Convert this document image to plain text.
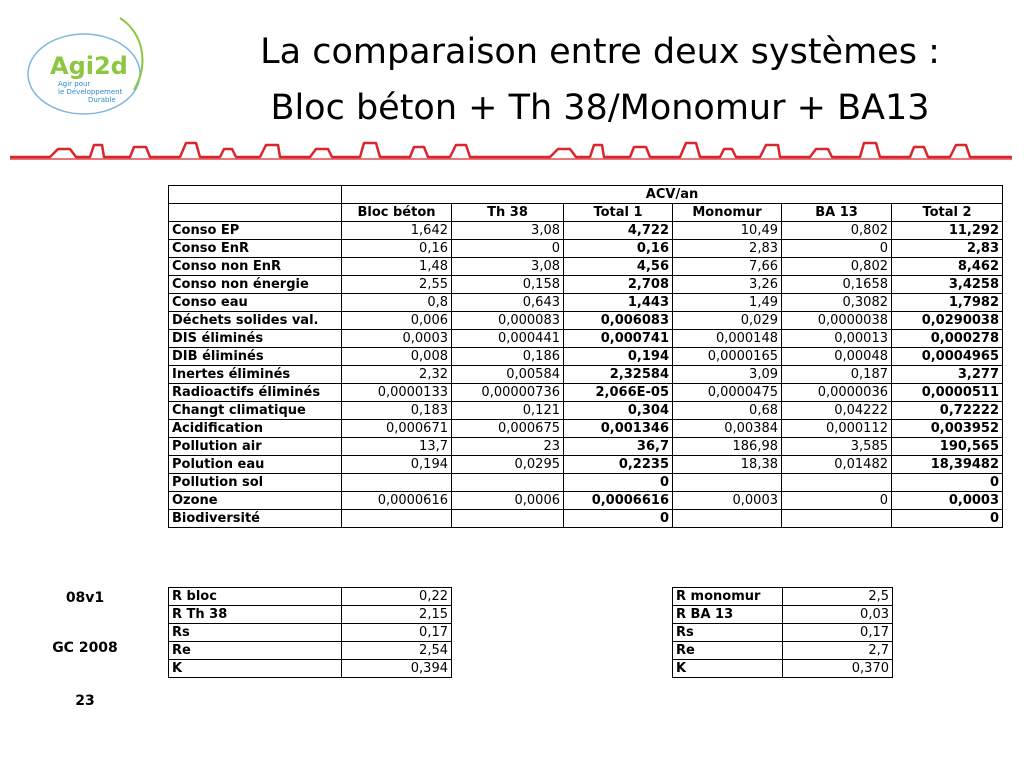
Agi2d
Agir pour
le Développement
Durable
La comparaison entre deux systèmes :
Bloc béton + Th 38/Monomur + BA13
	ACV/an					
	Bloc béton	Th 38	Total 1	Monomur	BA 13	Total 2
Conso EP	1,642	3,08	4,722	10,49	0,802	11,292
Conso EnR	0,16	0	0,16	2,83	0	2,83
Conso non EnR	1,48	3,08	4,56	7,66	0,802	8,462
Conso non énergie	2,55	0,158	2,708	3,26	0,1658	3,4258
Conso eau	0,8	0,643	1,443	1,49	0,3082	1,7982
Déchets solides val.	0,006	0,000083	0,006083	0,029	0,0000038	0,0290038
DIS éliminés	0,0003	0,000441	0,000741	0,000148	0,00013	0,000278
DIB éliminés	0,008	0,186	0,194	0,0000165	0,00048	0,0004965
Inertes éliminés	2,32	0,00584	2,32584	3,09	0,187	3,277
Radioactifs éliminés	0,0000133	0,00000736	2,066E-05	0,0000475	0,0000036	0,0000511
Changt climatique	0,183	0,121	0,304	0,68	0,04222	0,72222
Acidification	0,000671	0,000675	0,001346	0,00384	0,000112	0,003952
Pollution air	13,7	23	36,7	186,98	3,585	190,565
Polution eau	0,194	0,0295	0,2235	18,38	0,01482	18,39482
Pollution sol			0			0
Ozone	0,0000616	0,0006	0,0006616	0,0003	0	0,0003
Biodiversité			0			0
R bloc	0,22
R Th 38	2,15
Rs	0,17
Re	2,54
K	0,394
R monomur	2,5
R BA 13	0,03
Rs	0,17
Re	2,7
K	0,370
08v1
GC 2008
23
